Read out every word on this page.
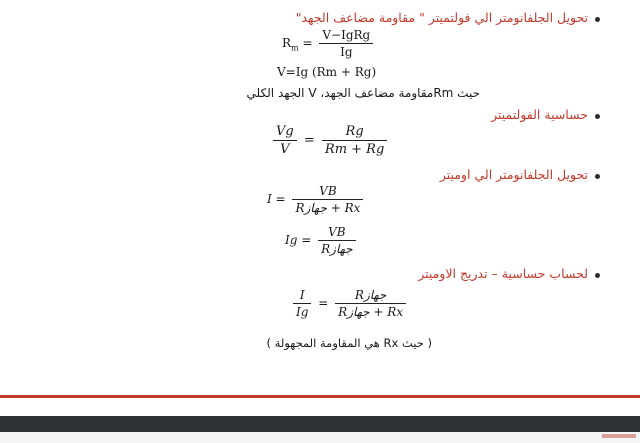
تحويل الجلفانومتر الي فولتميتر " مقاومة مضاعف الجهد"
$R_m = \frac{\text{V−IgRg}}{Ig}$
V=Ig (Rm + Rg)
حيث Rmمقاومة مضاعف الجهد، V الجهد الكلي
حساسية الفولتميتر
$\frac{Vg}{V} = \frac{Rg}{Rm + Rg}$
تحويل الجلفانومتر الي اوميتر
$I = \frac{VB}{\text{Rجهاز + Rx}}$
$Ig = \frac{VB}{\text{Rجهاز}}$
لحساب حساسية – تدريج الاوميتر
$\frac{I}{Ig} = \frac{\text{Rجهاز}}{\text{Rجهاز + Rx}}$
( حيث Rx هي المقاومة المجهولة )
